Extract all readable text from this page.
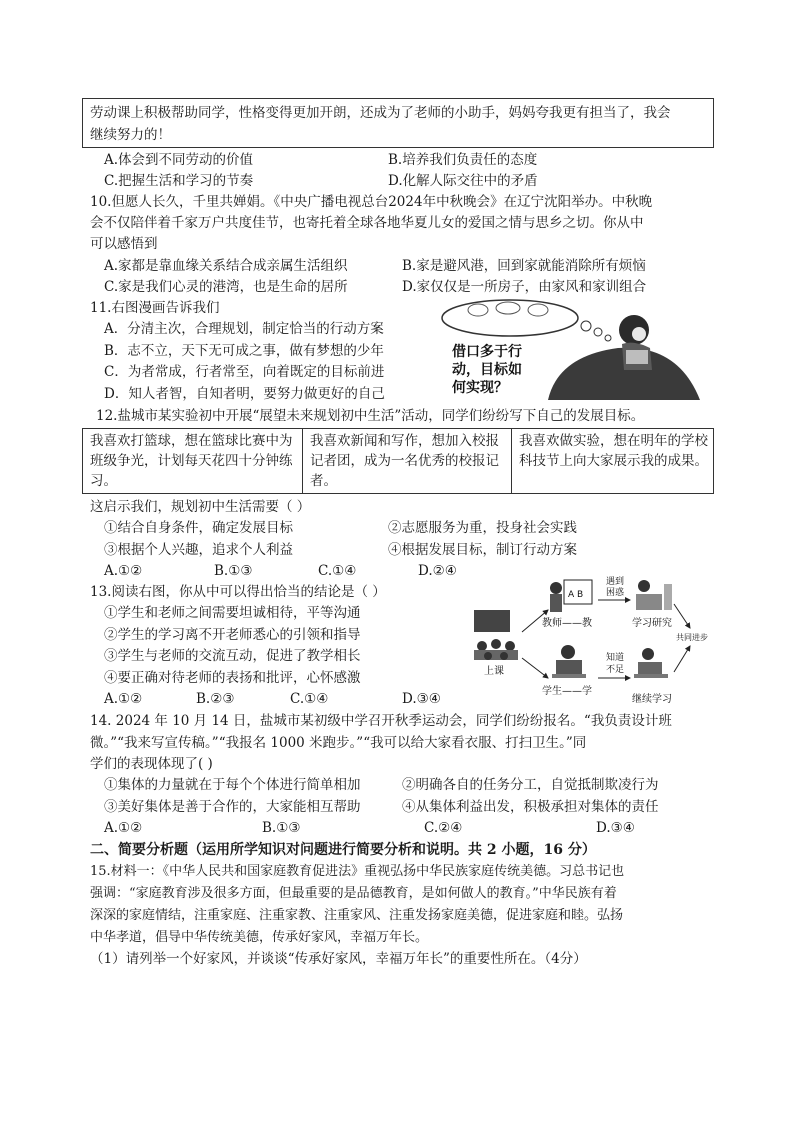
劳动课上积极帮助同学，性格变得更加开朗，还成为了老师的小助手，妈妈夸我更有担当了，我会
继续努力的！
A.体会到不同劳动的价值	B.培养我们负责任的态度
C.把握生活和学习的节奏	D.化解人际交往中的矛盾
10.但愿人长久，千里共婵娟。《中央广播电视总台2024年中秋晚会》在辽宁沈阳举办。中秋晚
会不仅陪伴着千家万户共度佳节，也寄托着全球各地华夏儿女的爱国之情与思乡之切。你从中
可以感悟到
A.家都是靠血缘关系结合成亲属生活组织	B.家是避风港，回到家就能消除所有烦恼
C.家是我们心灵的港湾，也是生命的居所	D.家仅仅是一所房子，由家风和家训组合
11.右图漫画告诉我们
A．分清主次，合理规划，制定恰当的行动方案
B．志不立，天下无可成之事，做有梦想的少年
C．为者常成，行者常至，向着既定的目标前进
D．知人者智，自知者明，要努力做更好的自己
借口多于行
动，目标如
何实现？
12.盐城市某实验初中开展“展望未来规划初中生活”活动，同学们纷纷写下自己的发展目标。
我喜欢打篮球，想在篮球比赛中为班级争光，计划每天花四十分钟练习。
我喜欢新闻和写作，想加入校报记者团，成为一名优秀的校报记者。
我喜欢做实验，想在明年的学校科技节上向大家展示我的成果。
这启示我们，规划初中生活需要（ ）
①结合自身条件，确定发展目标	②志愿服务为重，投身社会实践
③根据个人兴趣，追求个人利益	④根据发展目标，制订行动方案
A.①②	B.①③	C.①④	D.②④
13.阅读右图，你从中可以得出恰当的结论是（ ）
①学生和老师之间需要坦诚相待，平等沟通
②学生的学习离不开老师悉心的引领和指导
③学生与老师的交流互动，促进了教学相长
④要正确对待老师的表扬和批评，心怀感激
A.①②	B.②③	C.①④	D.③④
上课
A B
教师——教
遇到
困惑
学习研究
学生——学
知道
不足
继续学习
共同进步
14. 2024 年 10 月 14 日，盐城市某初级中学召开秋季运动会，同学们纷纷报名。“我负责设计班
微。”“我来写宣传稿。”“我报名 1000 米跑步。”“我可以给大家看衣服、打扫卫生。”同
学们的表现体现了( )
①集体的力量就在于每个个体进行简单相加	②明确各自的任务分工，自觉抵制欺凌行为
③美好集体是善于合作的，大家能相互帮助	④从集体利益出发，积极承担对集体的责任
A.①②	B.①③	C.②④	D.③④
二、简要分析题（运用所学知识对问题进行简要分析和说明。共 2 小题，16 分）
15.材料一：《中华人民共和国家庭教育促进法》重视弘扬中华民族家庭传统美德。习总书记也
强调：“家庭教育涉及很多方面，但最重要的是品德教育，是如何做人的教育。”中华民族有着
深深的家庭情结，注重家庭、注重家教、注重家风、注重发扬家庭美德，促进家庭和睦。弘扬
中华孝道，倡导中华传统美德，传承好家风，幸福万年长。
（1）请列举一个好家风，并谈谈“传承好家风，幸福万年长”的重要性所在。（4分）
